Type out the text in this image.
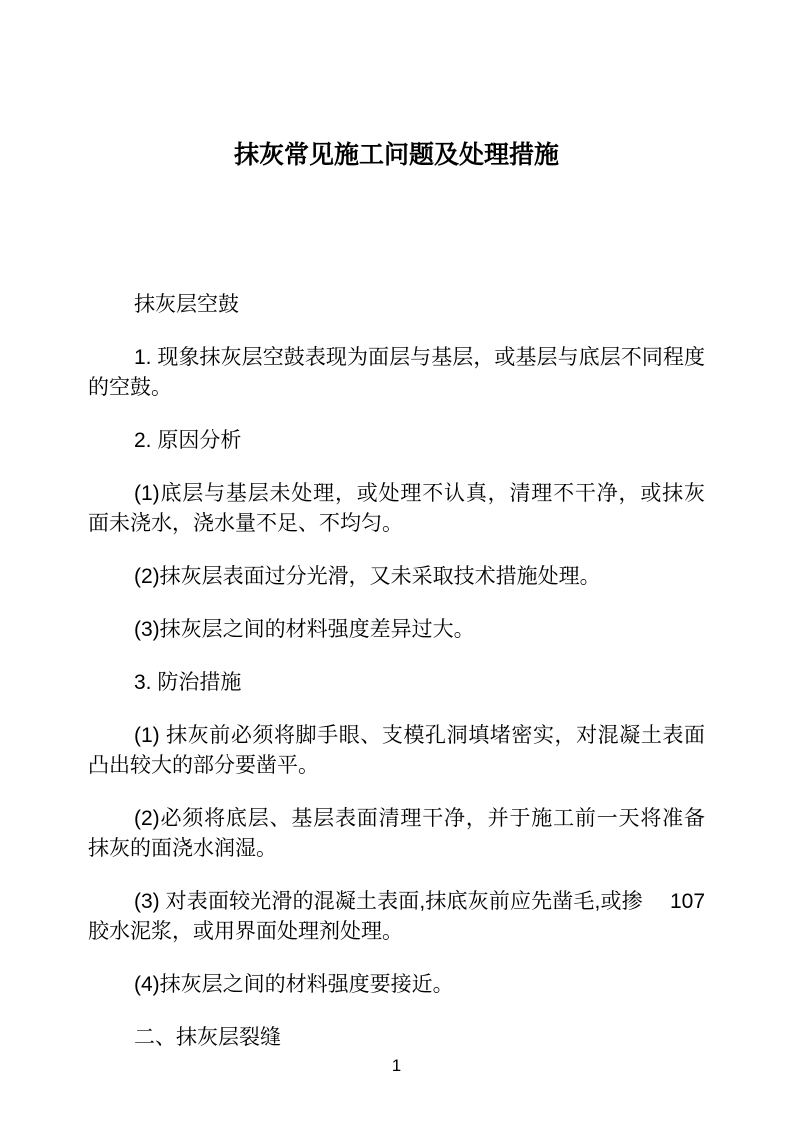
抹灰常见施工问题及处理措施

抹灰层空鼓

1. 现象抹灰层空鼓表现为面层与基层，或基层与底层不同程度的空鼓。

2. 原因分析

(1)底层与基层未处理，或处理不认真，清理不干净，或抹灰面未浇水，浇水量不足、不均匀。

(2)抹灰层表面过分光滑，又未采取技术措施处理。

(3)抹灰层之间的材料强度差异过大。

3. 防治措施

(1) 抹灰前必须将脚手眼、支模孔洞填堵密实，对混凝土表面凸出较大的部分要凿平。

(2)必须将底层、基层表面清理干净，并于施工前一天将准备抹灰的面浇水润湿。

(3) 对表面较光滑的混凝土表面,抹底灰前应先凿毛,或掺　 107 胶水泥浆，或用界面处理剂处理。

(4)抹灰层之间的材料强度要接近。

二、抹灰层裂缝

1
